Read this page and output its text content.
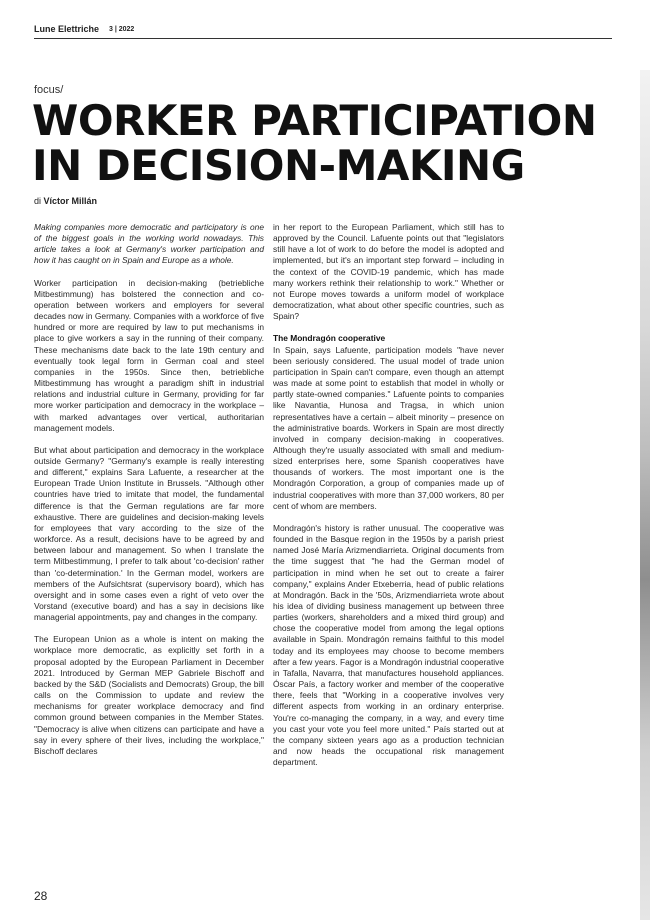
Lune Elettriche 3 | 2022
focus/
WORKER PARTICIPATION IN DECISION-MAKING
di Víctor Millán

Making companies more democratic and participatory is one of the biggest goals in the working world nowadays. This article takes a look at Germany's worker participation and how it has caught on in Spain and Europe as a whole.

Worker participation in decision-making (betriebliche Mitbestimmung) has bolstered the connection and co-operation between workers and employers for several decades now in Germany. Companies with a workforce of five hundred or more are required by law to put mechanisms in place to give workers a say in the running of their company. These mechanisms date back to the late 19th century and eventually took legal form in German coal and steel companies in the 1950s. Since then, betriebliche Mitbestimmung has wrought a paradigm shift in industrial relations and industrial culture in Germany, providing for far more worker participation and democracy in the workplace – with marked advantages over vertical, authoritarian management models.

But what about participation and democracy in the workplace outside Germany? "Germany's example is really interesting and different," explains Sara Lafuente, a researcher at the European Trade Union Institute in Brussels. "Although other countries have tried to imitate that model, the fundamental difference is that the German regulations are far more exhaustive. There are guidelines and decision-making levels for employees that vary according to the size of the workforce. As a result, decisions have to be agreed by and between labour and management. So when I translate the term Mitbestimmung, I prefer to talk about 'co-decision' rather than 'co-determination.' In the German model, workers are members of the Aufsichtsrat (supervisory board), which has oversight and in some cases even a right of veto over the Vorstand (executive board) and has a say in decisions like managerial appointments, pay and changes in the company.

The European Union as a whole is intent on making the workplace more democratic, as explicitly set forth in a proposal adopted by the European Parliament in December 2021. Introduced by German MEP Gabriele Bischoff and backed by the S&D (Socialists and Democrats) Group, the bill calls on the Commission to update and review the mechanisms for greater workplace democracy and find common ground between companies in the Member States. "Democracy is alive when citizens can participate and have a say in every sphere of their lives, including the workplace," Bischoff declares

in her report to the European Parliament, which still has to approved by the Council. Lafuente points out that "legislators still have a lot of work to do before the model is adopted and implemented, but it's an important step forward – including in the context of the COVID-19 pandemic, which has made many workers rethink their relationship to work." Whether or not Europe moves towards a uniform model of workplace democratization, what about other specific countries, such as Spain?

The Mondragón cooperative

In Spain, says Lafuente, participation models "have never been seriously considered. The usual model of trade union participation in Spain can't compare, even though an attempt was made at some point to establish that model in wholly or partly state-owned companies." Lafuente points to companies like Navantia, Hunosa and Tragsa, in which union representatives have a certain – albeit minority – presence on the administrative boards. Workers in Spain are most directly involved in company decision-making in cooperatives. Although they're usually associated with small and medium-sized enterprises here, some Spanish cooperatives have thousands of workers. The most important one is the Mondragón Corporation, a group of companies made up of industrial cooperatives with more than 37,000 workers, 80 per cent of whom are members.

Mondragón's history is rather unusual. The cooperative was founded in the Basque region in the 1950s by a parish priest named José María Arizmendiarrieta. Original documents from the time suggest that "he had the German model of participation in mind when he set out to create a fairer company," explains Ander Etxeberria, head of public relations at Mondragón. Back in the '50s, Arizmendiarrieta wrote about his idea of dividing business management up between three parties (workers, shareholders and a mixed third group) and chose the cooperative model from among the legal options available in Spain. Mondragón remains faithful to this model today and its employees may choose to become members after a few years. Fagor is a Mondragón industrial cooperative in Tafalla, Navarra, that manufactures household appliances. Óscar País, a factory worker and member of the cooperative there, feels that "Working in a cooperative involves very different aspects from working in an ordinary enterprise. You're co-managing the company, in a way, and every time you cast your vote you feel more united." País started out at the company sixteen years ago as a production technician and now heads the occupational risk management department.

28
